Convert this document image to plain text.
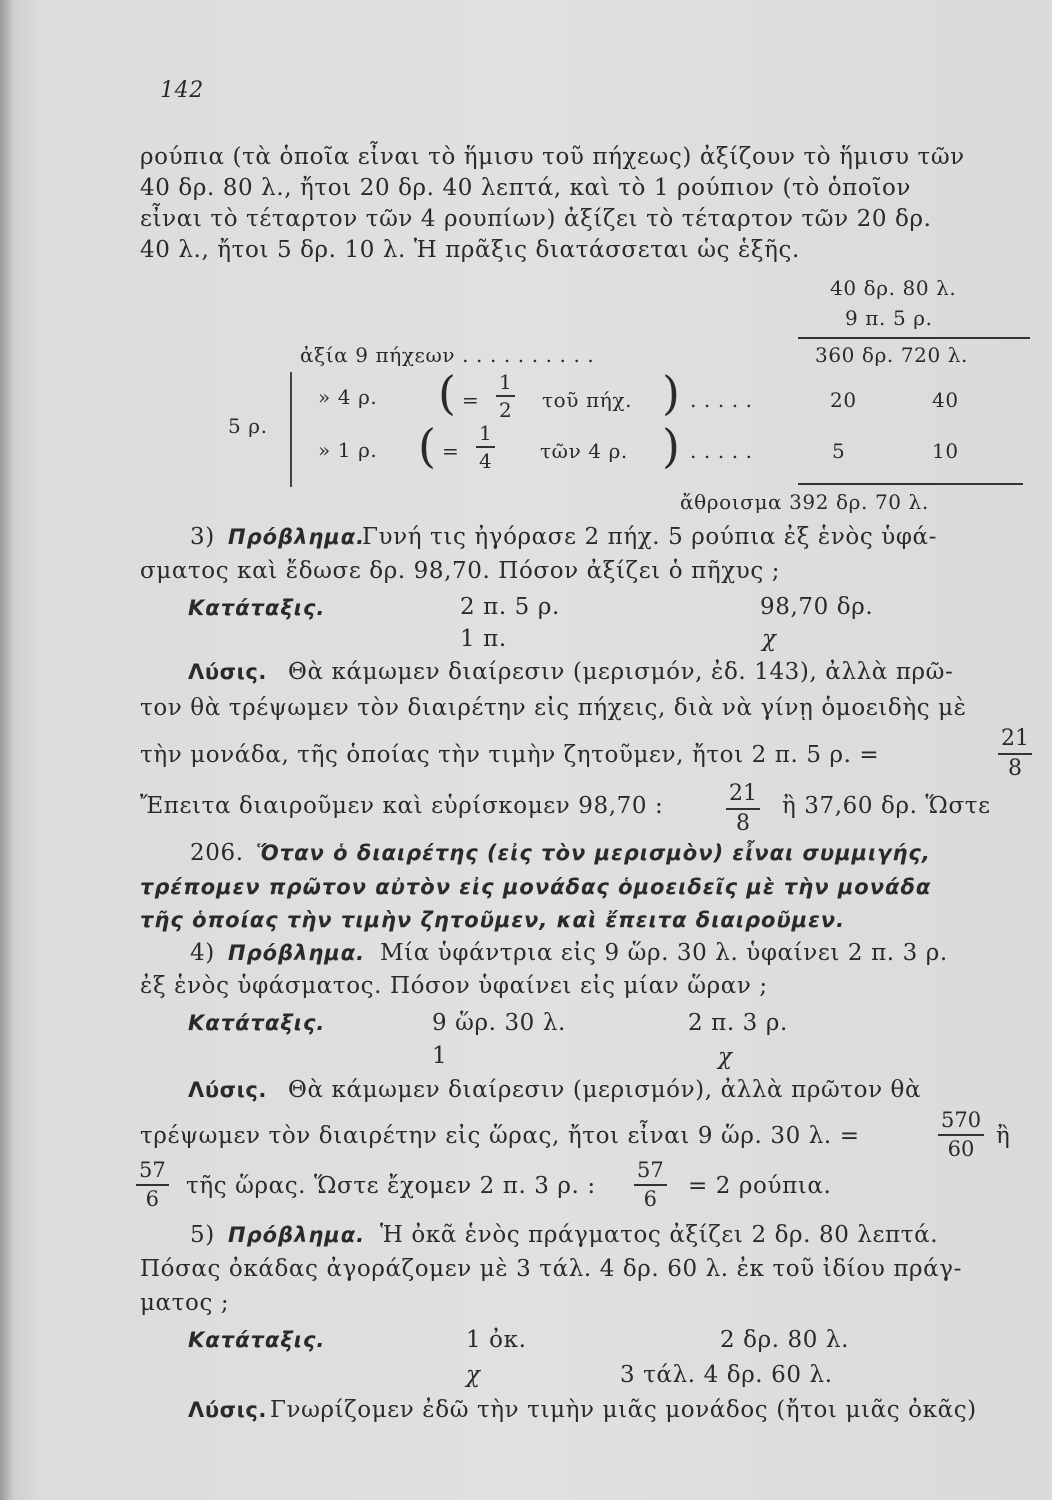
142
ρούπια (τὰ ὁποῖα εἶναι τὸ ἥμισυ τοῦ πήχεως) ἀξίζουν τὸ ἥμισυ τῶν
40 δρ. 80 λ., ἤτοι 20 δρ. 40 λεπτά, καὶ τὸ 1 ρούπιον (τὸ ὁποῖον
εἶναι τὸ τέταρτον τῶν 4 ρουπίων) ἀξίζει τὸ τέταρτον τῶν 20 δρ.
40 λ., ἤτοι 5 δρ. 10 λ. Ἡ πρᾶξις διατάσσεται ὡς ἑξῆς.
40 δρ. 80 λ.
9 π. 5 ρ.
ἀξία 9 πήχεων . . . . . . . . . .	360 δρ. 720 λ.
5 ρ.
» 4 ρ. ( =
1
2 τοῦ πήχ. ) . . . . .	20	40
» 1 ρ. ( =
1
4 τῶν 4 ρ. ) . . . . .	5	10
ἄθροισμα 392 δρ. 70 λ.
3) Πρόβλημα.
Γυνή τις ἠγόρασε 2 πήχ. 5 ρούπια ἐξ ἑνὸς ὑφά-
σματος καὶ ἔδωσε δρ. 98,70. Πόσον ἀξίζει ὁ πῆχυς ;
Κατάταξις.	2 π. 5 ρ.	98,70 δρ.
1 π.	χ
Λύσις. Θὰ κάμωμεν διαίρεσιν (μερισμόν, ἐδ. 143), ἀλλὰ πρῶ-
τον θὰ τρέψωμεν τὸν διαιρέτην εἰς πήχεις, διὰ νὰ γίνῃ ὁμοειδὴς μὲ
τὴν μονάδα, τῆς ὁποίας τὴν τιμὴν ζητοῦμεν, ἤτοι 2 π. 5 ρ. =
21
8
Ἔπειτα διαιροῦμεν καὶ εὑρίσκομεν 98,70 :	21
8
ἢ 37,60 δρ. Ὥστε
206. Ὅταν ὁ διαιρέτης (εἰς τὸν μερισμὸν) εἶναι συμμιγής,
τρέπομεν πρῶτον αὐτὸν εἰς μονάδας ὁμοειδεῖς μὲ τὴν μονάδα
τῆς ὁποίας τὴν τιμὴν ζητοῦμεν, καὶ ἔπειτα διαιροῦμεν.
4) Πρόβλημα. Μία ὑφάντρια εἰς 9 ὥρ. 30 λ. ὑφαίνει 2 π. 3 ρ.
ἐξ ἑνὸς ὑφάσματος. Πόσον ὑφαίνει εἰς μίαν ὥραν ;
Κατάταξις.	9 ὥρ. 30 λ.	2 π. 3 ρ.
1	χ
Λύσις. Θὰ κάμωμεν διαίρεσιν (μερισμόν), ἀλλὰ πρῶτον θὰ
τρέψωμεν τὸν διαιρέτην εἰς ὥρας, ἤτοι εἶναι 9 ὥρ. 30 λ. =
570
60 ἢ
57
6	τῆς ὥρας. Ὥστε ἔχομεν 2 π. 3 ρ. :
57
6	= 2 ρούπια.
5) Πρόβλημα. Ἡ ὀκᾶ ἑνὸς πράγματος ἀξίζει 2 δρ. 80 λεπτά.
Πόσας ὀκάδας ἀγοράζομεν μὲ 3 τάλ. 4 δρ. 60 λ. ἐκ τοῦ ἰδίου πράγ-
ματος ;
Κατάταξις.	1 ὀκ.	2 δρ. 80 λ.
χ	3 τάλ. 4 δρ. 60 λ.
Λύσις. Γνωρίζομεν ἐδῶ τὴν τιμὴν μιᾶς μονάδος (ἤτοι μιᾶς ὀκᾶς)
